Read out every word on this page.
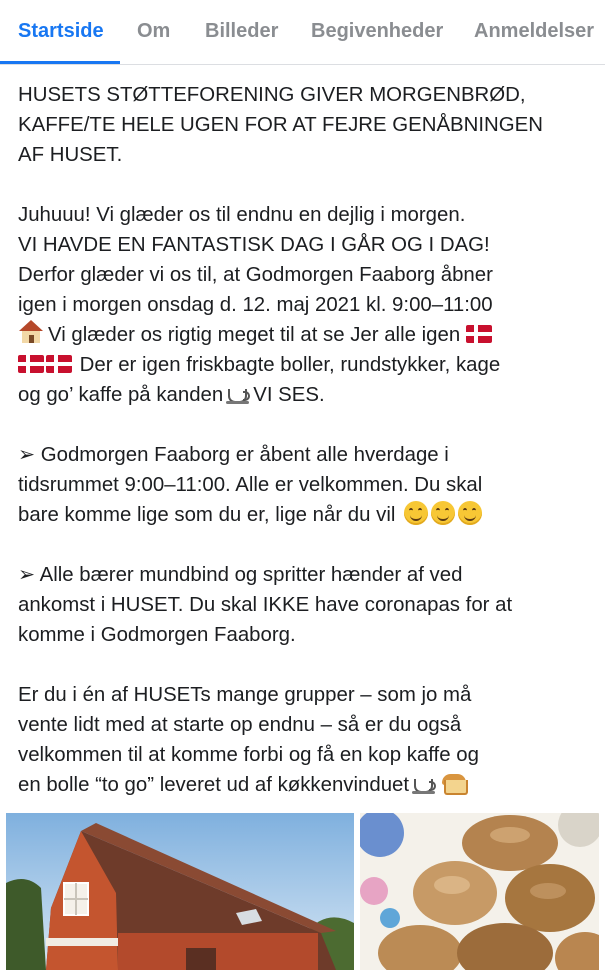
Startside Om Billeder Begivenheder Anmeldelser

HUSETS STØTTEFORENING GIVER MORGENBRØD,
KAFFE/TE HELE UGEN FOR AT FEJRE GENÅBNINGEN
AF HUSET.

Juhuuu! Vi glæder os til endnu en dejlig i morgen.
VI HAVDE EN FANTASTISK DAG I GÅR OG I DAG!
Derfor glæder vi os til, at Godmorgen Faaborg åbner
igen i morgen onsdag d. 12. maj 2021 kl. 9:00–11:00
Vi glæder os rigtig meget til at se Jer alle igen
Der er igen friskbagte boller, rundstykker, kage
og go’ kaffe på kanden VI SES.

➢ Godmorgen Faaborg er åbent alle hverdage i
tidsrummet 9:00–11:00. Alle er velkommen. Du skal
bare komme lige som du er, lige når du vil

➢ Alle bærer mundbind og spritter hænder af ved
ankomst i HUSET. Du skal IKKE have coronapas for at
komme i Godmorgen Faaborg.

Er du i én af HUSETs mange grupper – som jo må
vente lidt med at starte op endnu – så er du også
velkommen til at komme forbi og få en kop kaffe og
en bolle “to go” leveret ud af køkkenvinduet
